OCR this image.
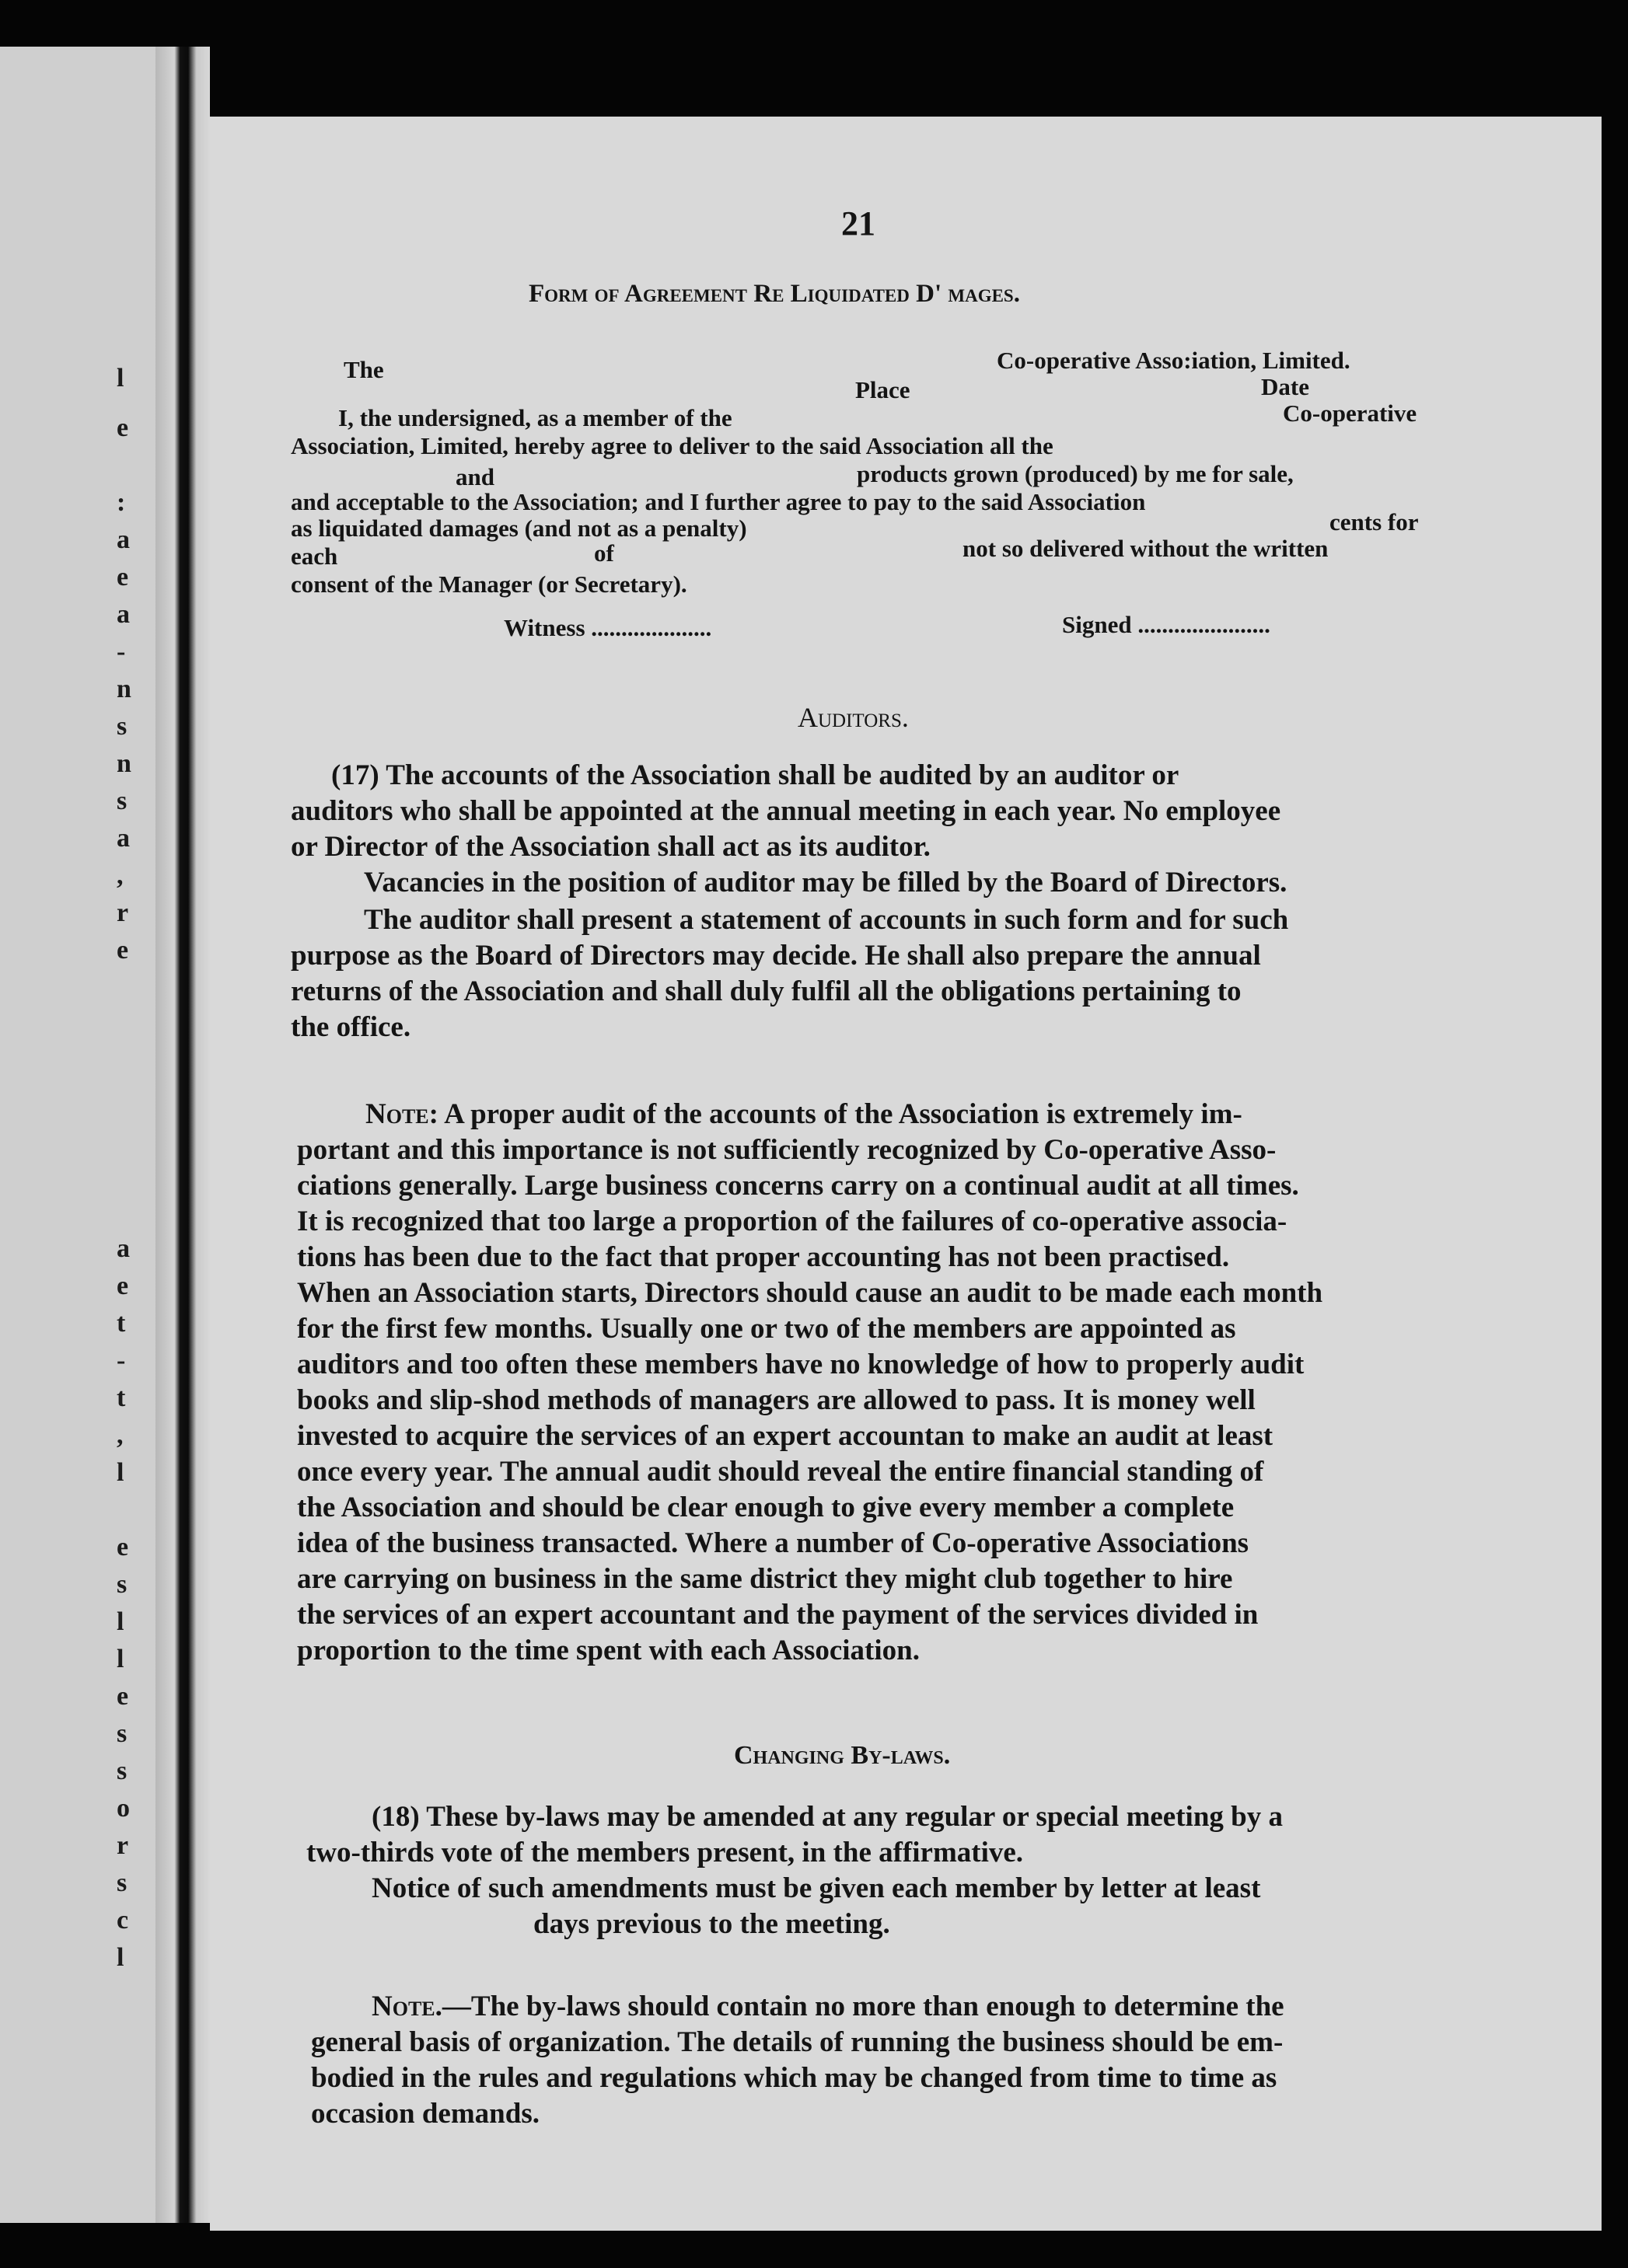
l
e
:
a
e
a
-
n
s
n
s
a
,
r
e
a
e
t
-
t
,
l
e
s
l
l
e
s
s
o
r
s
c
l

21

Form of Agreement Re Liquidated D' mages.

The	Co-operative Asso:iation, Limited.

Place	Date

I, the undersigned, as a member of the	Co-operative

Association, Limited, hereby agree to deliver to the said Association all the

and	products grown (produced) by me for sale,

and acceptable to the Association; and I further agree to pay to the said Association

as liquidated damages (and not as a penalty)	cents for

each	of	not so delivered without the written

consent of the Manager (or Secretary).

Witness ....................	Signed ......................

Auditors.

(17) The accounts of the Association shall be audited by an auditor or

auditors who shall be appointed at the annual meeting in each year. No employee

or Director of the Association shall act as its auditor.

Vacancies in the position of auditor may be filled by the Board of Directors.

The auditor shall present a statement of accounts in such form and for such

purpose as the Board of Directors may decide. He shall also prepare the annual

returns of the Association and shall duly fulfil all the obligations pertaining to

the office.

Note: A proper audit of the accounts of the Association is extremely im-

portant and this importance is not sufficiently recognized by Co-operative Asso-

ciations generally. Large business concerns carry on a continual audit at all times.

It is recognized that too large a proportion of the failures of co-operative associa-

tions has been due to the fact that proper accounting has not been practised.

When an Association starts, Directors should cause an audit to be made each month

for the first few months. Usually one or two of the members are appointed as

auditors and too often these members have no knowledge of how to properly audit

books and slip-shod methods of managers are allowed to pass. It is money well

invested to acquire the services of an expert accountan to make an audit at least

once every year. The annual audit should reveal the entire financial standing of

the Association and should be clear enough to give every member a complete

idea of the business transacted. Where a number of Co-operative Associations

are carrying on business in the same district they might club together to hire

the services of an expert accountant and the payment of the services divided in

proportion to the time spent with each Association.

Changing By-laws.

(18) These by-laws may be amended at any regular or special meeting by a

two-thirds vote of the members present, in the affirmative.

Notice of such amendments must be given each member by letter at least

days previous to the meeting.

Note.—The by-laws should contain no more than enough to determine the

general basis of organization. The details of running the business should be em-

bodied in the rules and regulations which may be changed from time to time as

occasion demands.
